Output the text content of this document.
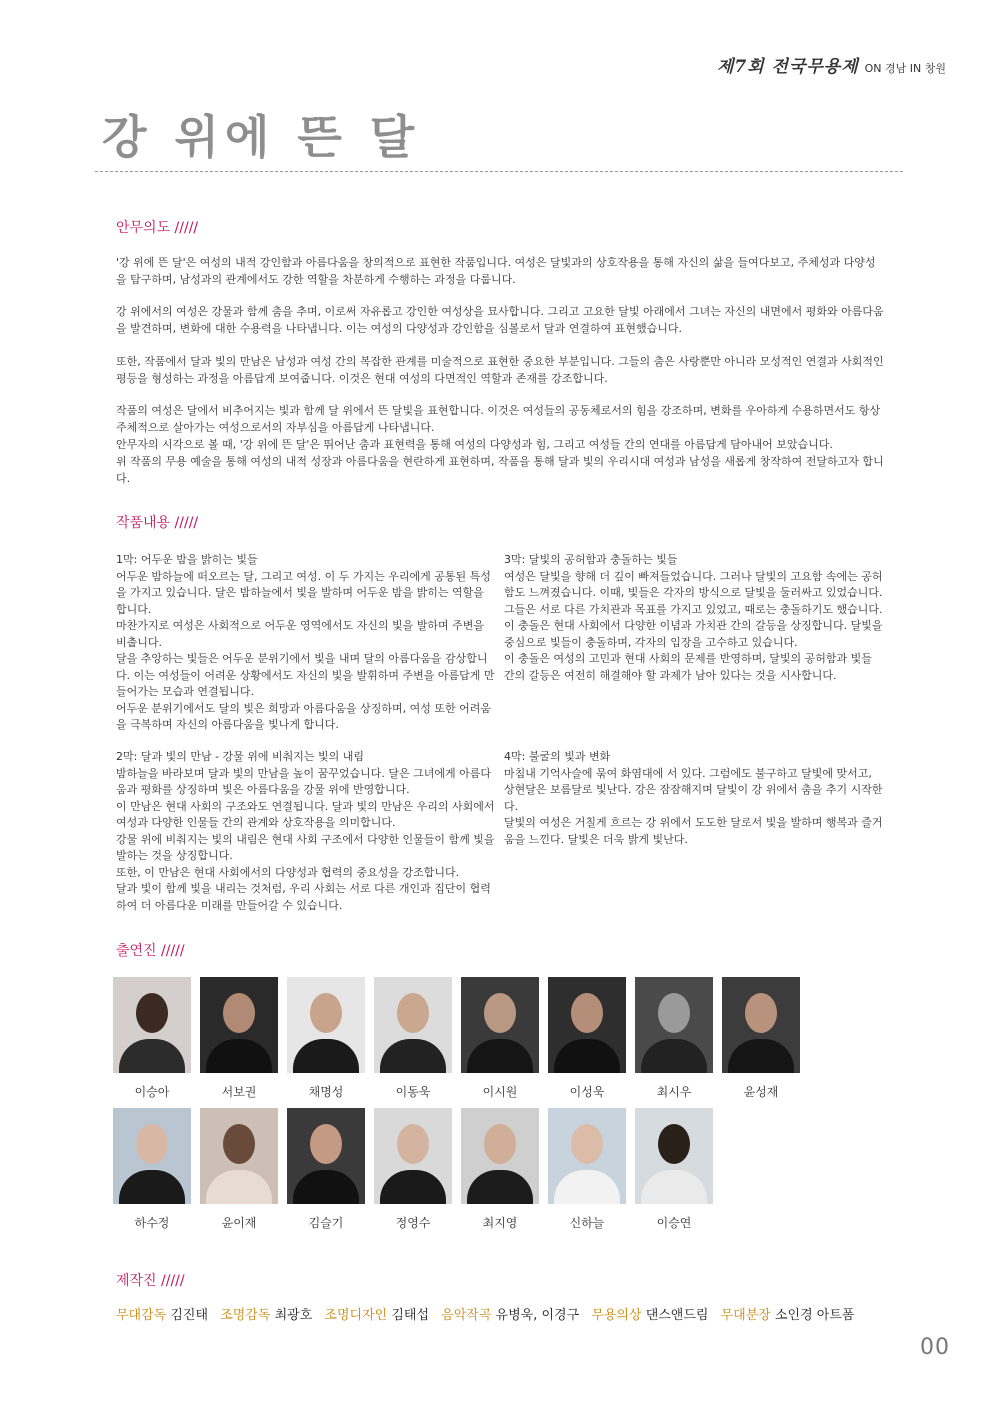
제7회 전국무용제 ON 경남 IN 창원
강 위에 뜬 달
안무의도 /////

'강 위에 뜬 달'은 여성의 내적 강인함과 아름다움을 창의적으로 표현한 작품입니다. 여성은 달빛과의 상호작용을 통해 자신의 삶을 들여다보고, 주체성과 다양성을 탐구하며, 남성과의 관계에서도 강한 역할을 차분하게 수행하는 과정을 다룹니다.

강 위에서의 여성은 강물과 함께 춤을 추며, 이로써 자유롭고 강인한 여성상을 묘사합니다. 그리고 고요한 달빛 아래에서 그녀는 자신의 내면에서 평화와 아름다움을 발견하며, 변화에 대한 수용력을 나타냅니다. 이는 여성의 다양성과 강인함을 심볼로서 달과 연결하여 표현했습니다.

또한, 작품에서 달과 빛의 만남은 남성과 여성 간의 복잡한 관계를 미술적으로 표현한 중요한 부분입니다. 그들의 춤은 사랑뿐만 아니라 모성적인 연결과 사회적인 평등을 형성하는 과정을 아름답게 보여줍니다. 이것은 현대 여성의 다면적인 역할과 존재를 강조합니다.

작품의 여성은 달에서 비추어지는 빛과 함께 달 위에서 뜬 달빛을 표현합니다. 이것은 여성들의 공동체로서의 힘을 강조하며, 변화를 우아하게 수용하면서도 항상 주체적으로 살아가는 여성으로서의 자부심을 아름답게 나타냅니다.
안무자의 시각으로 볼 때, '강 위에 뜬 달'은 뛰어난 춤과 표현력을 통해 여성의 다양성과 힘, 그리고 여성들 간의 연대를 아름답게 담아내어 보았습니다.
위 작품의 무용 예술을 통해 여성의 내적 성장과 아름다움을 현란하게 표현하며, 작품을 통해 달과 빛의 우리시대 여성과 남성을 새롭게 창작하여 전달하고자 합니다.

작품내용 /////
1막: 어두운 밤을 밝히는 빛들
어두운 밤하늘에 떠오르는 달, 그리고 여성. 이 두 가지는 우리에게 공통된 특성을 가지고 있습니다. 달은 밤하늘에서 빛을 발하며 어두운 밤을 밝히는 역할을 합니다.
마찬가지로 여성은 사회적으로 어두운 영역에서도 자신의 빛을 발하며 주변을 비춥니다.
달을 추앙하는 빛들은 어두운 분위기에서 빛을 내며 달의 아름다움을 감상합니다. 이는 여성들이 어려운 상황에서도 자신의 빛을 발휘하며 주변을 아름답게 만들어가는 모습과 연결됩니다.
어두운 분위기에서도 달의 빛은 희망과 아름다움을 상징하며, 여성 또한 어려움을 극복하며 자신의 아름다움을 빛나게 합니다.
2막: 달과 빛의 만남 - 강물 위에 비춰지는 빛의 내림
밤하늘을 바라보며 달과 빛의 만남을 높이 꿈꾸었습니다. 달은 그녀에게 아름다움과 평화를 상징하며 빛은 아름다움을 강물 위에 반영합니다.
이 만남은 현대 사회의 구조와도 연결됩니다. 달과 빛의 만남은 우리의 사회에서 여성과 다양한 인물들 간의 관계와 상호작용을 의미합니다.
강물 위에 비춰지는 빛의 내림은 현대 사회 구조에서 다양한 인물들이 함께 빛을 발하는 것을 상징합니다.
또한, 이 만남은 현대 사회에서의 다양성과 협력의 중요성을 강조합니다.
달과 빛이 함께 빛을 내리는 것처럼, 우리 사회는 서로 다른 개인과 집단이 협력하여 더 아름다운 미래를 만들어갈 수 있습니다.
3막: 달빛의 공허함과 충돌하는 빛들
여성은 달빛을 향해 더 깊이 빠져들었습니다. 그러나 달빛의 고요함 속에는 공허함도 느껴졌습니다. 이때, 빛들은 각자의 방식으로 달빛을 둘러싸고 있었습니다.
그들은 서로 다른 가치관과 목표를 가지고 있었고, 때로는 충돌하기도 했습니다. 이 충돌은 현대 사회에서 다양한 이념과 가치관 간의 갈등을 상징합니다. 달빛을 중심으로 빛들이 충돌하며, 각자의 입장을 고수하고 있습니다.
이 충돌은 여성의 고민과 현대 사회의 문제를 반영하며, 달빛의 공허함과 빛들 간의 갈등은 여전히 해결해야 할 과제가 남아 있다는 것을 시사합니다.
4막: 불굴의 빛과 변화
마침내 기억사슬에 묶여 화염대에 서 있다. 그럼에도 불구하고 달빛에 맞서고, 상현달은 보름달로 빛난다. 강은 잠잠해지며 달빛이 강 위에서 춤을 추기 시작한다.
달빛의 여성은 거칠게 흐르는 강 위에서 도도한 달로서 빛을 발하며 행복과 즐거움을 느낀다. 달빛은 더욱 밝게 빛난다.
출연진 /////
이승아	서보권	채명성	이동욱	이시원	이성욱	최시우	윤성재
하수정	윤이재	김슬기	정영수	최지영	신하늘	이승연
제작진 /////
무대감독 김진태 조명감독 최광호 조명디자인 김태섭 음악작곡 유병욱, 이경구 무용의상 댄스앤드림 무대분장 소인경 아트폼
00
